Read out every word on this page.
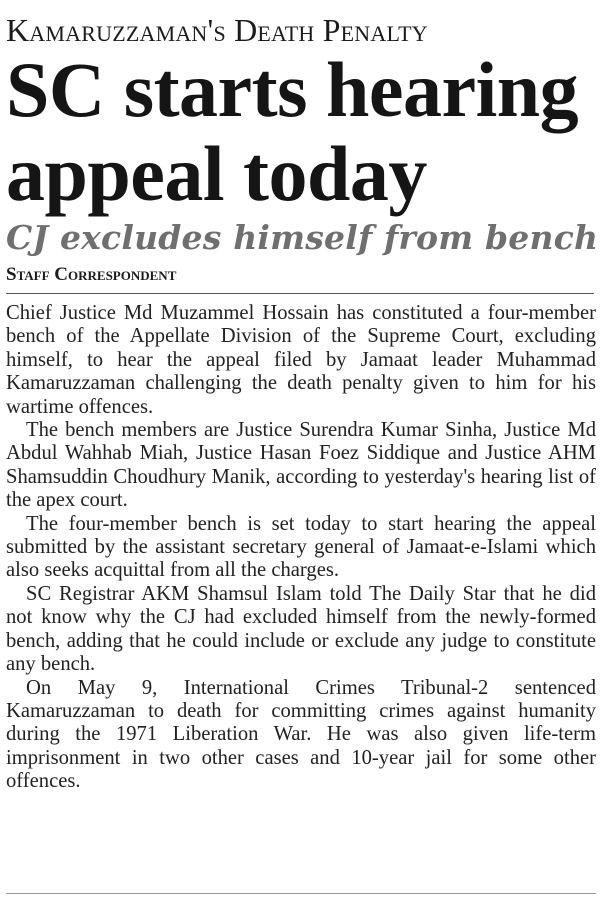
Kamaruzzaman's Death Penalty
SC starts hearing appeal today
CJ excludes himself from bench
Staff Correspondent

Chief Justice Md Muzammel Hossain has constituted a four-member bench of the Appellate Division of the Supreme Court, excluding himself, to hear the appeal filed by Jamaat leader Muhammad Kamaruzzaman challenging the death penalty given to him for his wartime offences.

The bench members are Justice Surendra Kumar Sinha, Justice Md Abdul Wahhab Miah, Justice Hasan Foez Siddique and Justice AHM Shamsuddin Choudhury Manik, according to yesterday's hearing list of the apex court.

The four-member bench is set today to start hearing the appeal submitted by the assistant secretary general of Jamaat-e-Islami which also seeks acquittal from all the charges.

SC Registrar AKM Shamsul Islam told The Daily Star that he did not know why the CJ had excluded himself from the newly-formed bench, adding that he could include or exclude any judge to constitute any bench.

On May 9, International Crimes Tribunal-2 sentenced Kamaruzzaman to death for committing crimes against humanity during the 1971 Liberation War. He was also given life-term imprisonment in two other cases and 10-year jail for some other offences.
